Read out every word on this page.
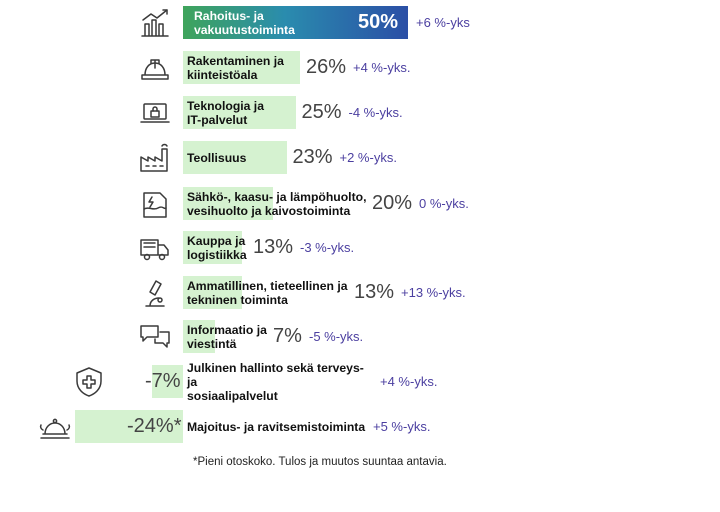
Rahoitus- ja
vakuutustoiminta	50% +6 %-yks
Rakentaminen ja
kiinteistöala	26% +4 %-yks.
Teknologia ja
IT-palvelut	25% -4 %-yks.
Teollisuus 23% +2 %-yks.
Sähkö-, kaasu- ja lämpöhuolto,
vesihuolto ja kaivostoiminta	20% 0 %-yks.
Kauppa ja
logistiikka 13% -3 %-yks.
Ammatillinen, tieteellinen ja
tekninen toiminta	13% +13 %-yks.
Informaatio ja
viestintä	7% -5 %-yks.
Julkinen hallinto sekä terveys- ja
sosiaalipalvelut
-7%	+4 %-yks.
Majoitus- ja ravitsemistoiminta
-24%*	+5 %-yks.
*Pieni otoskoko. Tulos ja muutos suuntaa antavia.
